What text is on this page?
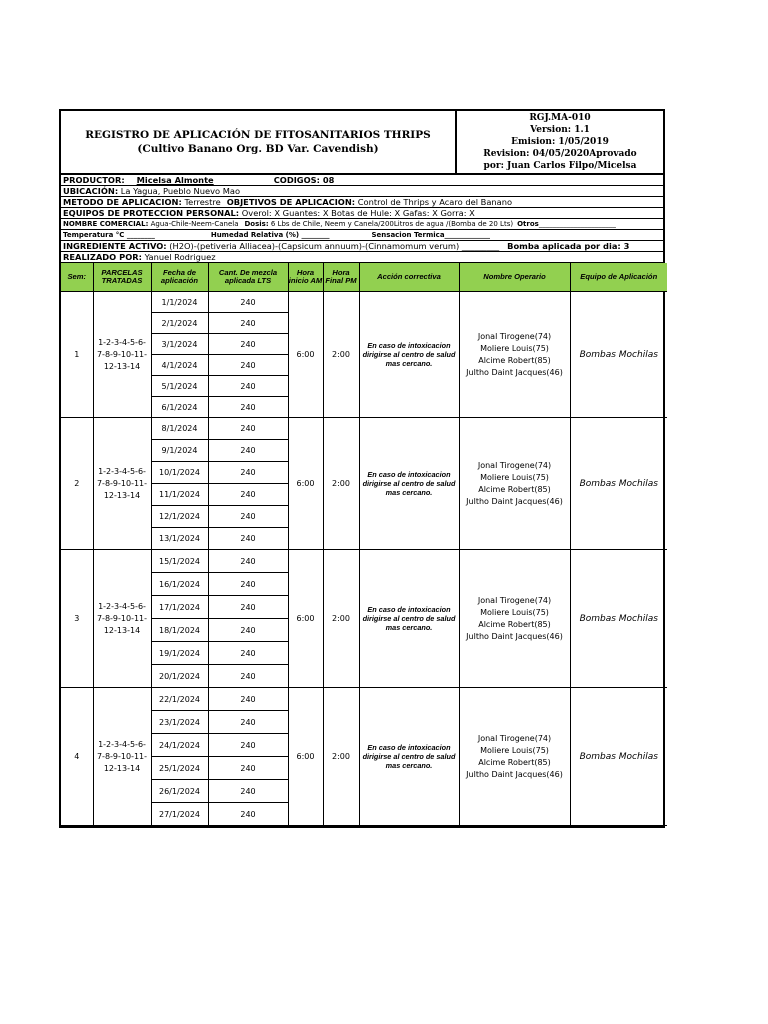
REGISTRO DE APLICACIÓN DE FITOSANITARIOS THRIPS
(Cultivo Banano Org. BD Var. Cavendish)
RGJ.MA-010
Version: 1.1
Emision: 1/05/2019
Revision: 04/05/2020Aprovado
por: Juan Carlos Filpo/Micelsa
PRODUCTOR: Micelsa Almonte	CODIGOS: 08
UBICACIÓN:
La Yagua, Pueblo Nuevo Mao
METODO DE APLICACION:
Terrestre OBJETIVOS DE APLICACION:
Control de Thrips y Acaro del Banano
EQUIPOS DE PROTECCION PERSONAL:
Overol: X Guantes: X Botas de Hule: X Gafas: X Gorra: X
NOMBRE COMERCIAL:
Agua-Chile-Neem-Canela Dosis:
6 Lbs de Chile, Neem y Canela/200Litros de agua /(Bomba de 20 Lts) Otros ______________________
Temperatura °C ________	Humedad Relativa (%) ________	Sensacion Termica_____________
INGREDIENTE ACTIVO:
(H2O)-(petiveria Alliacea)-(Capsicum annuum)-(Cinnamomum verum) _________ Bomba aplicada por dia: 3
REALIZADO POR:
Yanuel Rodriguez
Sem:	PARCELAS TRATADAS	Fecha de aplicación	Cant. De mezcla aplicada LTS	Hora inicio AM	Hora Final PM	Acción correctiva	Nombre Operario	Equipo de Aplicación
1	1-2-3-4-5-6-7-8-9-10-11-12-13-14	1/1/2024	240	6:00	2:00	En caso de intoxicacion dirigirse al centro de salud mas cercano.	Jonal Tirogene(74)
Moliere Louis(75)
Alcime Robert(85)
Jultho Daint Jacques(46)	Bombas Mochilas
		2/1/2024	240					
		3/1/2024	240					
		4/1/2024	240					
		5/1/2024	240					
		6/1/2024	240					
2	1-2-3-4-5-6-7-8-9-10-11-12-13-14	8/1/2024	240	6:00	2:00	En caso de intoxicacion dirigirse al centro de salud mas cercano.	Jonal Tirogene(74)
Moliere Louis(75)
Alcime Robert(85)
Jultho Daint Jacques(46)	Bombas Mochilas
		9/1/2024	240					
		10/1/2024	240					
		11/1/2024	240					
		12/1/2024	240					
		13/1/2024	240					
3	1-2-3-4-5-6-7-8-9-10-11-12-13-14	15/1/2024	240	6:00	2:00	En caso de intoxicacion dirigirse al centro de salud mas cercano.	Jonal Tirogene(74)
Moliere Louis(75)
Alcime Robert(85)
Jultho Daint Jacques(46)	Bombas Mochilas
		16/1/2024	240					
		17/1/2024	240					
		18/1/2024	240					
		19/1/2024	240					
		20/1/2024	240					
4	1-2-3-4-5-6-7-8-9-10-11-12-13-14	22/1/2024	240	6:00	2:00	En caso de intoxicacion dirigirse al centro de salud mas cercano.	Jonal Tirogene(74)
Moliere Louis(75)
Alcime Robert(85)
Jultho Daint Jacques(46)	Bombas Mochilas
		23/1/2024	240					
		24/1/2024	240					
		25/1/2024	240					
		26/1/2024	240					
		27/1/2024	240					
